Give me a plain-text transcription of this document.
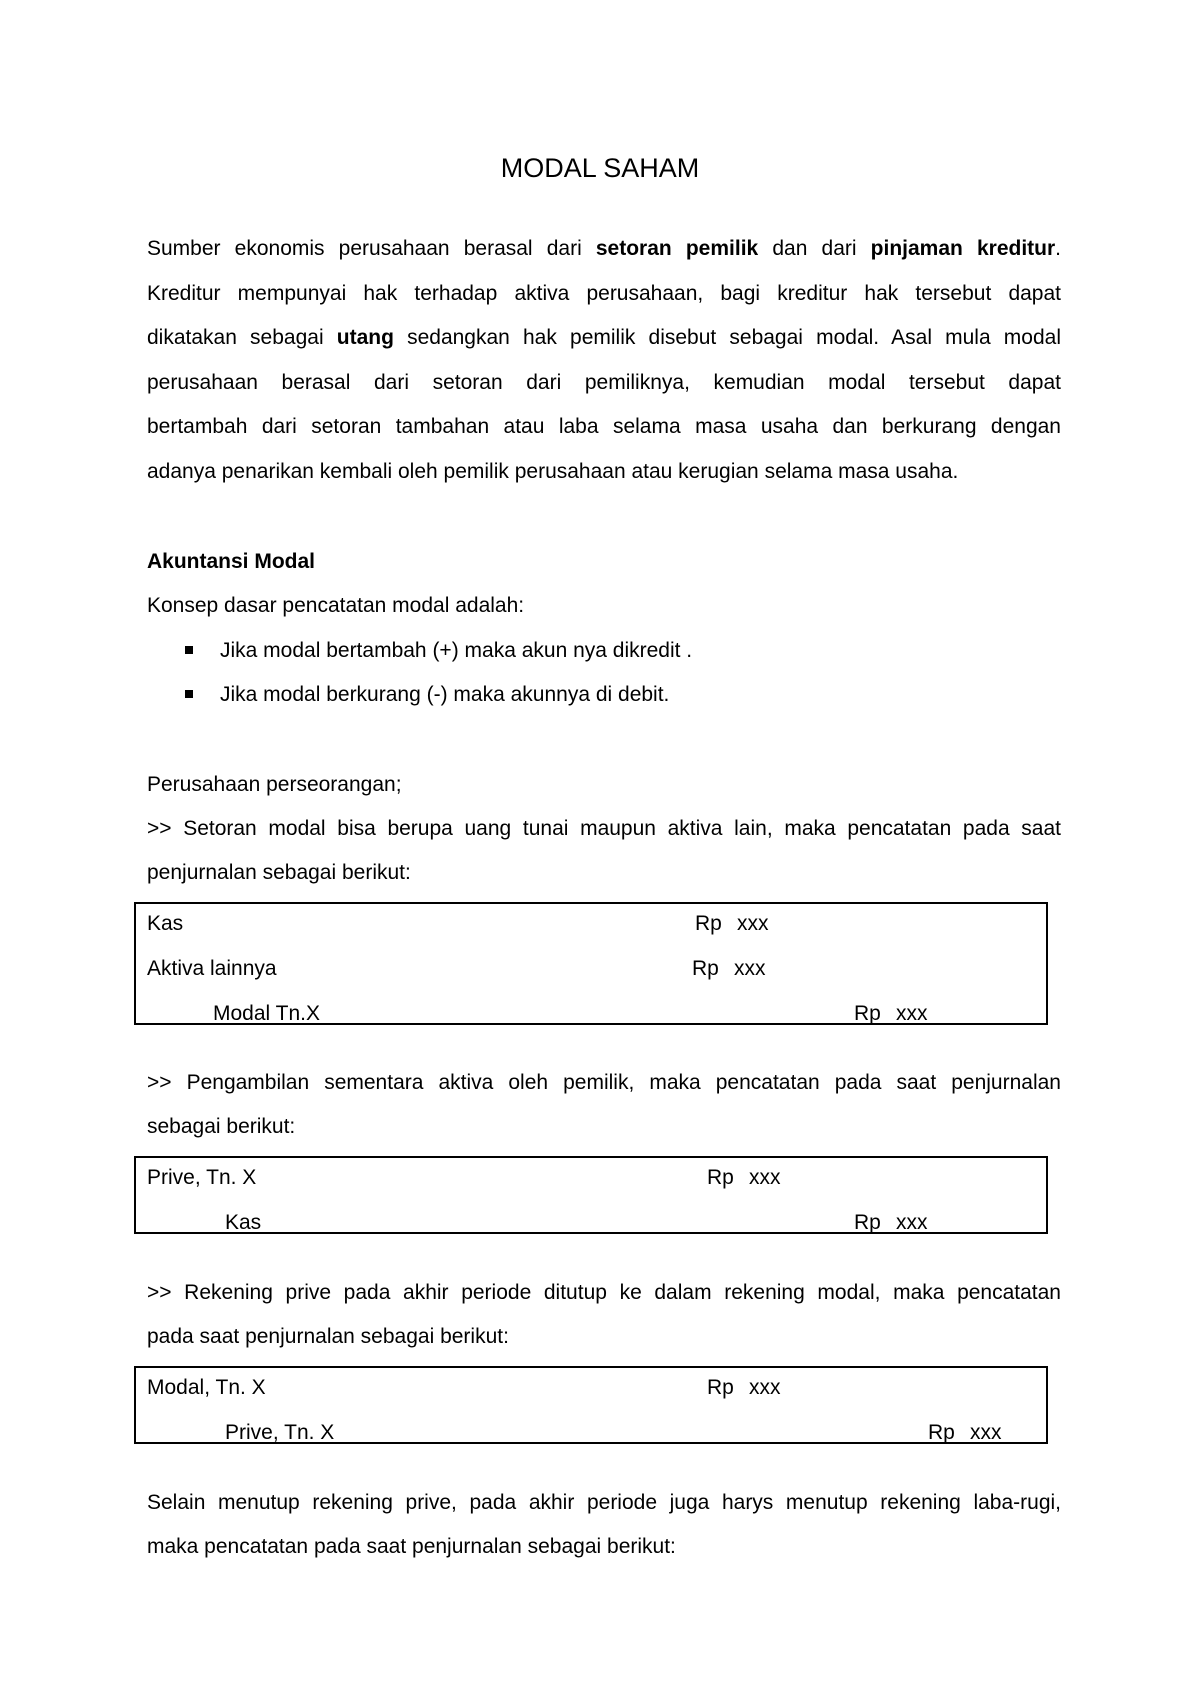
MODAL SAHAM
Sumber ekonomis perusahaan berasal dari setoran pemilik dan dari pinjaman kreditur.
Kreditur mempunyai hak terhadap aktiva perusahaan, bagi kreditur hak tersebut dapat
dikatakan sebagai utang sedangkan hak pemilik disebut sebagai modal. Asal mula modal
perusahaan berasal dari setoran dari pemiliknya, kemudian modal tersebut dapat
bertambah dari setoran tambahan atau laba selama masa usaha dan berkurang dengan
adanya penarikan kembali oleh pemilik perusahaan atau kerugian selama masa usaha.
Akuntansi Modal
Konsep dasar pencatatan modal adalah:
Jika modal bertambah (+) maka akun nya dikredit .
Jika modal berkurang (-) maka akunnya di debit.
Perusahaan perseorangan;
>> Setoran modal bisa berupa uang tunai maupun aktiva lain, maka pencatatan pada saat
penjurnalan sebagai berikut:
Kas	Rp xxx
Aktiva lainnya	Rp xxx
Modal Tn.X	Rp xxx
>> Pengambilan sementara aktiva oleh pemilik, maka pencatatan pada saat penjurnalan
sebagai berikut:
Prive, Tn. X	Rp xxx
Kas	Rp xxx
>> Rekening prive pada akhir periode ditutup ke dalam rekening modal, maka pencatatan
pada saat penjurnalan sebagai berikut:
Modal, Tn. X	Rp xxx
Prive, Tn. X	Rp xxx
Selain menutup rekening prive, pada akhir periode juga harys menutup rekening laba-rugi,
maka pencatatan pada saat penjurnalan sebagai berikut:
